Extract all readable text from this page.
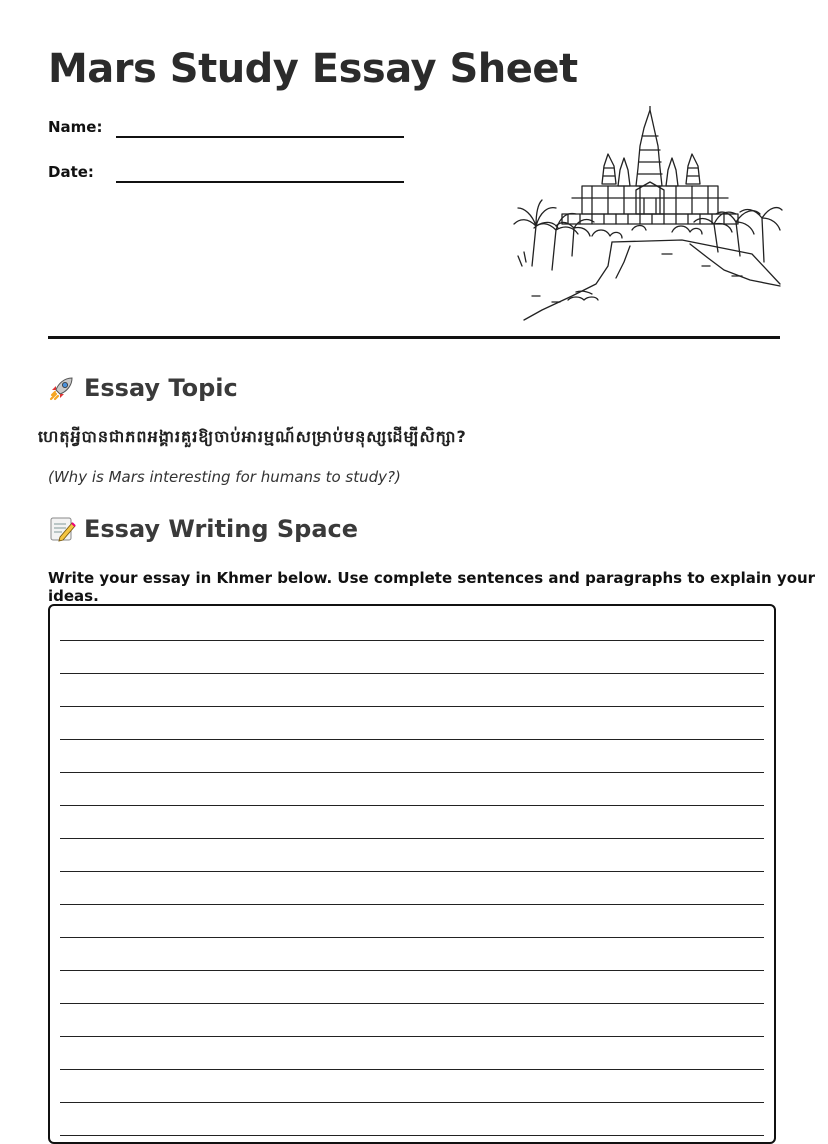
Mars Study Essay Sheet
Name:
Date:
Essay Topic
ហេតុអ្វីបានជាភពអង្គារគួរឱ្យចាប់អារម្មណ៍សម្រាប់មនុស្សដើម្បីសិក្សា?
(Why is Mars interesting for humans to study?)
Essay Writing Space
Write your essay in Khmer below. Use complete sentences and paragraphs to explain your ideas.
